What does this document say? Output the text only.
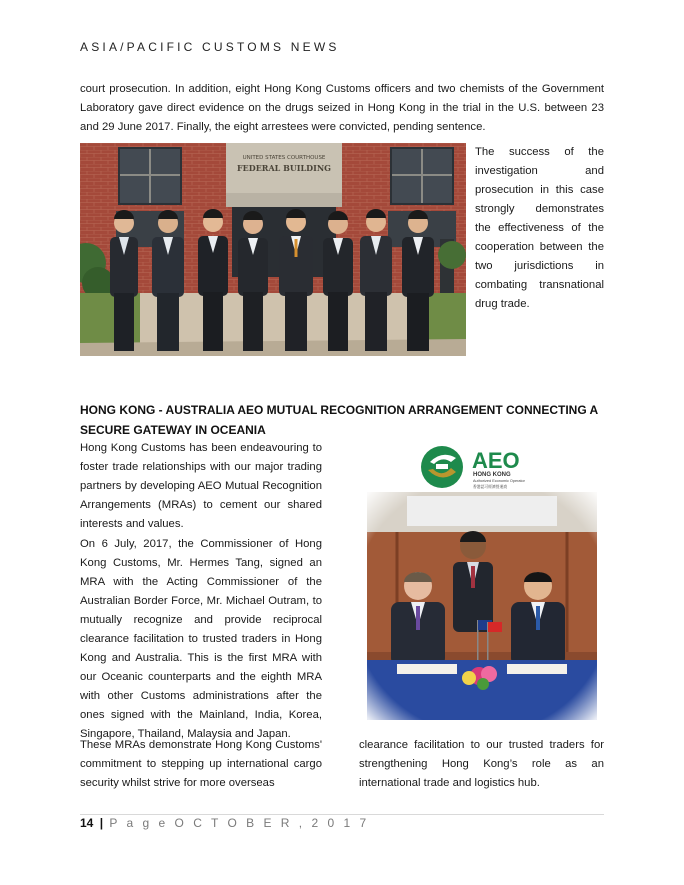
ASIA/PACIFIC CUSTOMS NEWS
court prosecution. In addition, eight Hong Kong Customs officers and two chemists of the Government Laboratory gave direct evidence on the drugs seized in Hong Kong in the trial in the U.S. between 23 and 29 June 2017. Finally, the eight arrestees were convicted, pending sentence.
UNITED STATES COURTHOUSE
FEDERAL BUILDING
The success of the investigation and prosecution in this case strongly demonstrates the effectiveness of the cooperation between the two jurisdictions in combating transnational drug trade.
HONG KONG - AUSTRALIA AEO MUTUAL RECOGNITION ARRANGEMENT CONNECTING A SECURE GATEWAY IN OCEANIA
Hong Kong Customs has been endeavouring to foster trade relationships with our major trading partners by developing AEO Mutual Recognition Arrangements (MRAs) to cement our shared interests and values.
On 6 July, 2017, the Commissioner of Hong Kong Customs, Mr. Hermes Tang, signed an MRA with the Acting Commissioner of the Australian Border Force, Mr. Michael Outram, to mutually recognize and provide reciprocal clearance facilitation to trusted traders in Hong Kong and Australia. This is the first MRA with our Oceanic counterparts and the eighth MRA with other Customs administrations after the ones signed with the Mainland, India, Korea, Singapore, Thailand, Malaysia and Japan.
These MRAs demonstrate Hong Kong Customs' commitment to stepping up international cargo security whilst strive for more overseas
clearance facilitation to our trusted traders for strengthening Hong Kong’s role as an international trade and logistics hub.
AEO
HONG KONG
Authorized Economic Operator
香港認可經濟營運商
14 | P a g e O C T O B E R , 2 0 1 7
